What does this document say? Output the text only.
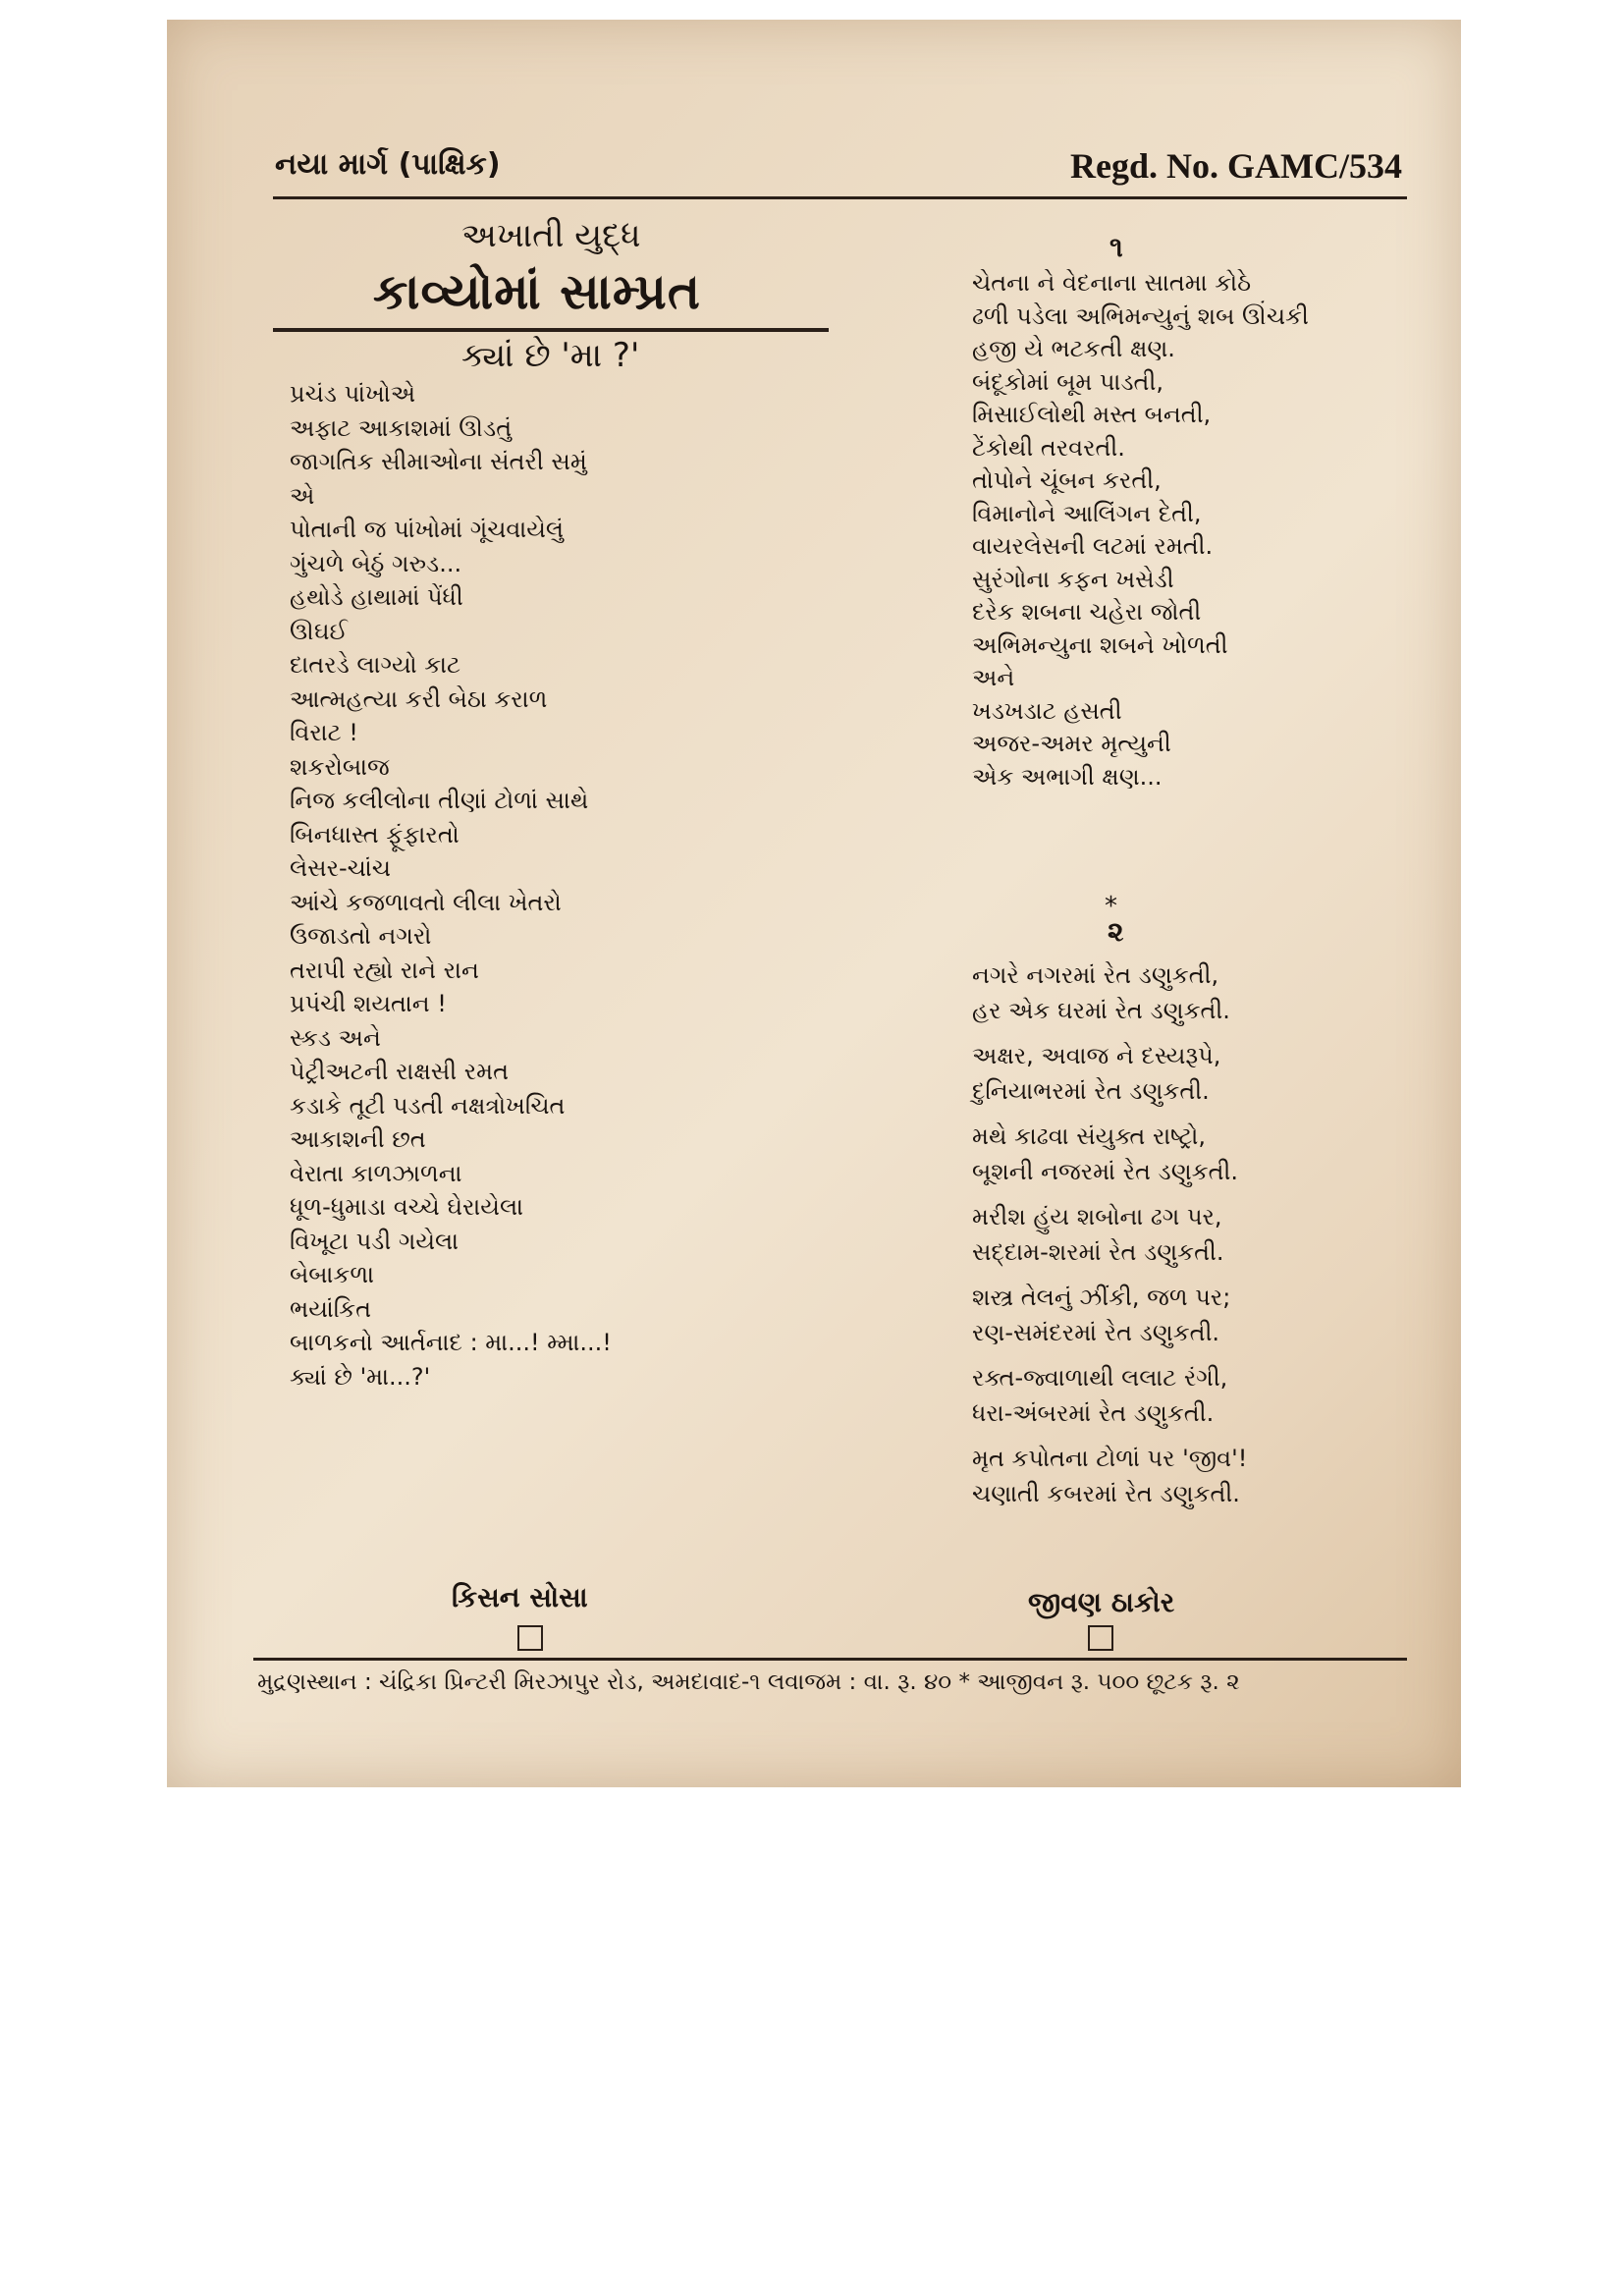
નયા માર્ગ (પાક્ષિક)	Regd. No. GAMC/534
અખાતી યુદ્ધ
કાવ્યોમાં સામ્પ્રત
ક્યાં છે 'મા ?'
પ્રચંડ પાંખોએ
અફાટ આકાશમાં ઊડતું
જાગતિક સીમાઓના સંતરી સમું
એ
પોતાની જ પાંખોમાં ગૂંચવાયેલું
ગુંચળે બેઠું ગરુડ...
હથોડે હાથામાં પેંધી
ઊઘઈ
દાતરડે લાગ્યો કાટ
આત્મહત્યા કરી બેઠા કરાળ
વિરાટ !
શકરોબાજ
નિજ કલીલોના તીણાં ટોળાં સાથે
બિનધાસ્ત ફૂંફારતો
લેસર-ચાંચ
આંચે કજળાવતો લીલા ખેતરો
ઉજાડતો નગરો
તરાપી રહ્યો રાને રાન
પ્રપંચી શયતાન !
સ્કડ અને
પેટ્રીઅટની રાક્ષસી રમત
કડાકે તૂટી પડતી નક્ષત્રોખચિત
આકાશની છત
વેરાતા કાળઝાળના
ધૂળ-ધુમાડા વચ્ચે ઘેરાયેલા
વિખૂટા પડી ગયેલા
બેબાકળા
ભયાંકિત
બાળકનો આર્તનાદ : મા...! મ્મા...!
ક્યાં છે 'મા...?'
કિસન સોસા
૧
ચેતના ને વેદનાના સાતમા કોઠે
ઢળી પડેલા અભિમન્યુનું શબ ઊંચકી
હજી યે ભટકતી ક્ષણ.
બંદૂકોમાં બૂમ પાડતી,
મિસાઈલોથી મસ્ત બનતી,
ટેંકોથી તરવરતી.
તોપોને ચૂંબન કરતી,
વિમાનોને આલિંગન દેતી,
વાયરલેસની લટમાં રમતી.
સુરંગોના કફન ખસેડી
દરેક શબના ચહેરા જોતી
અભિમન્યુના શબને ખોળતી
અને
ખડખડાટ હસતી
અજર-અમર મૃત્યુની
એક અભાગી ક્ષણ...
*
૨
નગરે નગરમાં રેત ડણુકતી,
હર એક ઘરમાં રેત ડણુકતી.
અક્ષર, અવાજ ને દસ્યરૂપે,
દુનિયાભરમાં રેત ડણુકતી.
મથે કાઢવા સંયુક્ત રાષ્ટ્રો,
બૂશની નજરમાં રેત ડણુકતી.
મરીશ હુંય શબોના ઢગ પર,
સદ્દામ-શરમાં રેત ડણુકતી.
શસ્ત્ર તેલનું ઝીંકી, જળ પર;
રણ-સમંદરમાં રેત ડણુકતી.
રક્ત-જ્વાળાથી લલાટ રંગી,
ધરા-અંબરમાં રેત ડણુકતી.
મૃત કપોતના ટોળાં પર 'જીવ'!
ચણાતી કબરમાં રેત ડણુકતી.
જીવણ ઠાકોર
મુદ્રણસ્થાન : ચંદ્રિકા પ્રિન્ટરી મિરઝાપુર રોડ, અમદાવાદ-૧ લવાજમ : વા. રૂ. ૪૦ * આજીવન રૂ. ૫૦૦ છૂટક રૂ. ૨
